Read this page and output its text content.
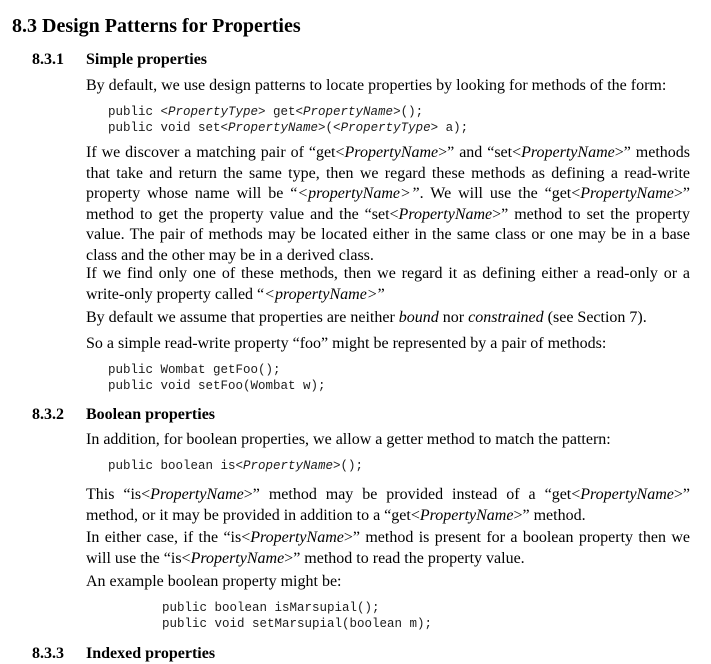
8.3 Design Patterns for Properties
8.3.1 Simple properties

By default, we use design patterns to locate properties by looking for methods of the form:

public <PropertyType> get<PropertyName>();
public void set<PropertyName>(<PropertyType> a);

If we discover a matching pair of “get<PropertyName>” and “set<PropertyName>” methods that take and return the same type, then we regard these methods as defining a read-write property whose name will be “<propertyName>”. We will use the “get<PropertyName>” method to get the property value and the “set<PropertyName>” method to set the property value. The pair of methods may be located either in the same class or one may be in a base class and the other may be in a derived class.

If we find only one of these methods, then we regard it as defining either a read-only or a write-only property called “<propertyName>”

By default we assume that properties are neither bound nor constrained (see Section 7).

So a simple read-write property “foo” might be represented by a pair of methods:

public Wombat getFoo();
public void setFoo(Wombat w);
8.3.2 Boolean properties

In addition, for boolean properties, we allow a getter method to match the pattern:

public boolean is<PropertyName>();

This “is<PropertyName>” method may be provided instead of a “get<PropertyName>” method, or it may be provided in addition to a “get<PropertyName>” method.

In either case, if the “is<PropertyName>” method is present for a boolean property then we will use the “is<PropertyName>” method to read the property value.

An example boolean property might be:

public boolean isMarsupial();
public void setMarsupial(boolean m);
8.3.3 Indexed properties
